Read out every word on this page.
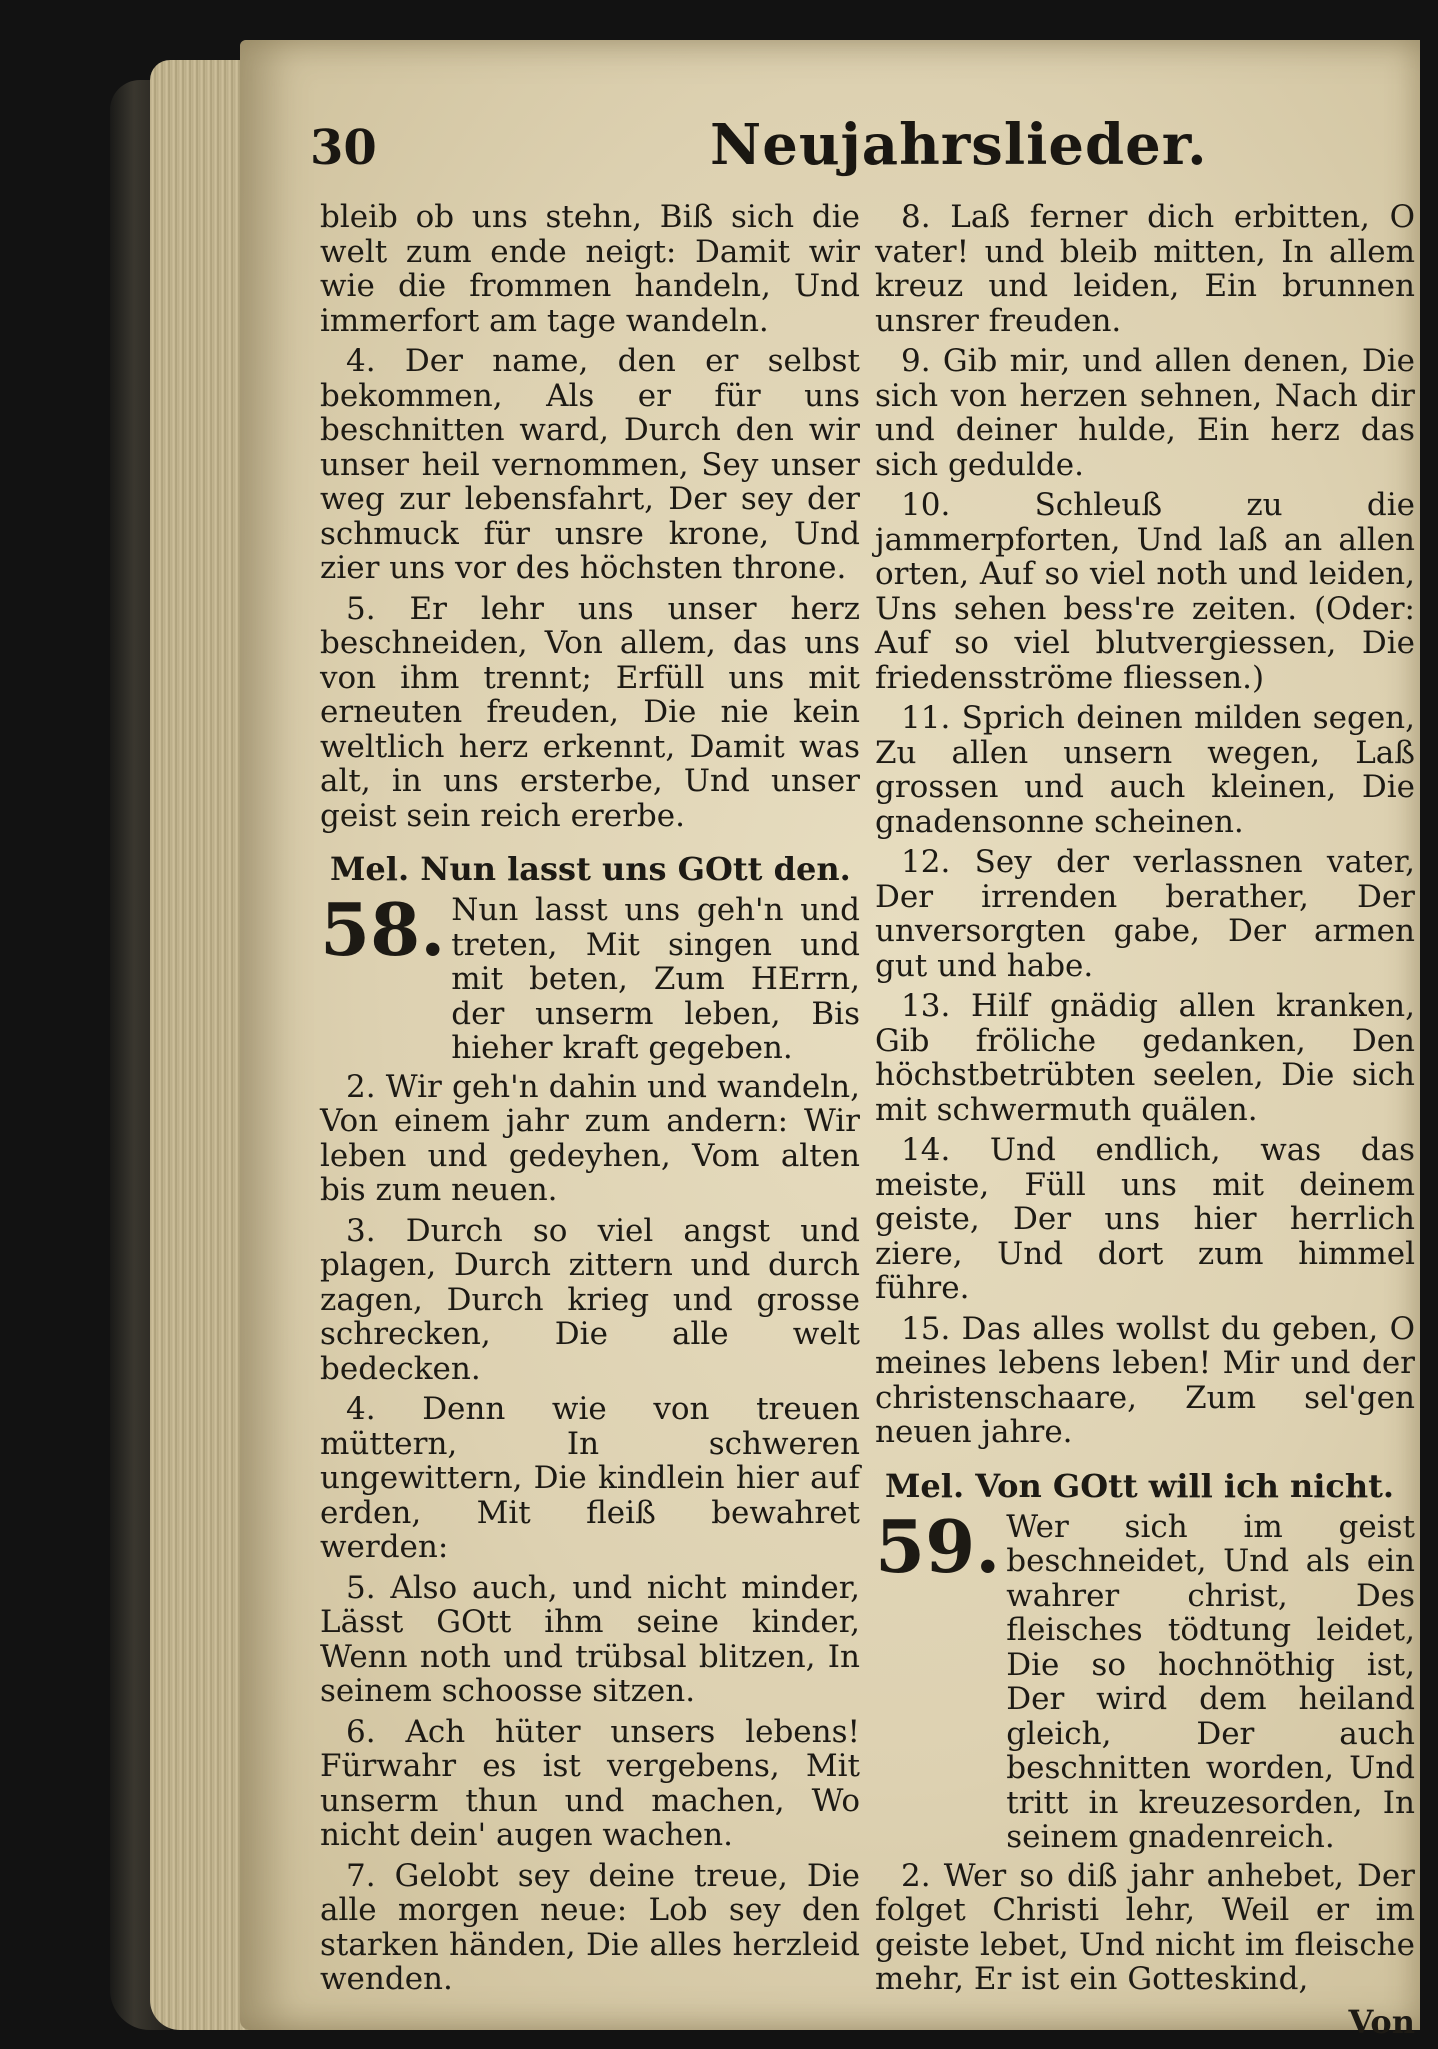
30	Neujahrslieder.

bleib ob uns stehn, Biß sich die welt zum ende neigt: Damit wir wie die frommen handeln, Und immerfort am tage wandeln.

4. Der name, den er selbst bekommen, Als er für uns beschnitten ward, Durch den wir unser heil vernommen, Sey unser weg zur lebensfahrt, Der sey der schmuck für unsre krone, Und zier uns vor des höchsten throne.

5. Er lehr uns unser herz beschneiden, Von allem, das uns von ihm trennt; Erfüll uns mit erneuten freuden, Die nie kein weltlich herz erkennt, Damit was alt, in uns ersterbe, Und unser geist sein reich ererbe.

Mel. Nun lasst uns GOtt den.
58. Nun lasst uns geh'n und treten, Mit singen und mit beten, Zum HErrn, der unserm leben, Bis hieher kraft gegeben.

2. Wir geh'n dahin und wandeln, Von einem jahr zum andern: Wir leben und gedeyhen, Vom alten bis zum neuen.

3. Durch so viel angst und plagen, Durch zittern und durch zagen, Durch krieg und grosse schrecken, Die alle welt bedecken.

4. Denn wie von treuen müttern, In schweren ungewittern, Die kindlein hier auf erden, Mit fleiß bewahret werden:

5. Also auch, und nicht minder, Lässt GOtt ihm seine kinder, Wenn noth und trübsal blitzen, In seinem schoosse sitzen.

6. Ach hüter unsers lebens! Fürwahr es ist vergebens, Mit unserm thun und machen, Wo nicht dein' augen wachen.

7. Gelobt sey deine treue, Die alle morgen neue: Lob sey den starken händen, Die alles herzleid wenden.

8. Laß ferner dich erbitten, O vater! und bleib mitten, In allem kreuz und leiden, Ein brunnen unsrer freuden.

9. Gib mir, und allen denen, Die sich von herzen sehnen, Nach dir und deiner hulde, Ein herz das sich gedulde.

10. Schleuß zu die jammerpforten, Und laß an allen orten, Auf so viel noth und leiden, Uns sehen bess're zeiten. (Oder: Auf so viel blutvergiessen, Die friedensströme fliessen.)

11. Sprich deinen milden segen, Zu allen unsern wegen, Laß grossen und auch kleinen, Die gnadensonne scheinen.

12. Sey der verlassnen vater, Der irrenden berather, Der unversorgten gabe, Der armen gut und habe.

13. Hilf gnädig allen kranken, Gib fröliche gedanken, Den höchstbetrübten seelen, Die sich mit schwermuth quälen.

14. Und endlich, was das meiste, Füll uns mit deinem geiste, Der uns hier herrlich ziere, Und dort zum himmel führe.

15. Das alles wollst du geben, O meines lebens leben! Mir und der christenschaare, Zum sel'gen neuen jahre.

Mel. Von GOtt will ich nicht.
59. Wer sich im geist beschneidet, Und als ein wahrer christ, Des fleisches tödtung leidet, Die so hochnöthig ist, Der wird dem heiland gleich, Der auch beschnitten worden, Und tritt in kreuzesorden, In seinem gnadenreich.

2. Wer so diß jahr anhebet, Der folget Christi lehr, Weil er im geiste lebet, Und nicht im fleische mehr, Er ist ein Gotteskind,

Von
